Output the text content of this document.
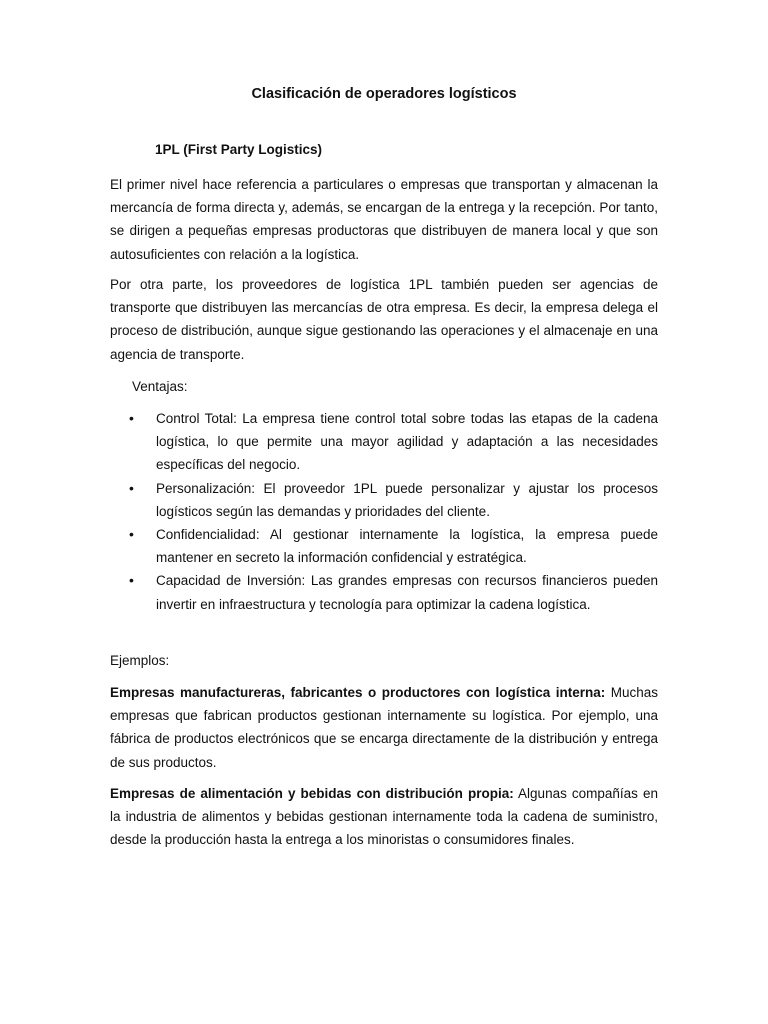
Clasificación de operadores logísticos
1PL (First Party Logistics)

El primer nivel hace referencia a particulares o empresas que transportan y almacenan la mercancía de forma directa y, además, se encargan de la entrega y la recepción. Por tanto, se dirigen a pequeñas empresas productoras que distribuyen de manera local y que son autosuficientes con relación a la logística.

Por otra parte, los proveedores de logística 1PL también pueden ser agencias de transporte que distribuyen las mercancías de otra empresa. Es decir, la empresa delega el proceso de distribución, aunque sigue gestionando las operaciones y el almacenaje en una agencia de transporte.

Ventajas:

• Control Total: La empresa tiene control total sobre todas las etapas de la cadena logística, lo que permite una mayor agilidad y adaptación a las necesidades específicas del negocio.
• Personalización: El proveedor 1PL puede personalizar y ajustar los procesos logísticos según las demandas y prioridades del cliente.
• Confidencialidad: Al gestionar internamente la logística, la empresa puede mantener en secreto la información confidencial y estratégica.
• Capacidad de Inversión: Las grandes empresas con recursos financieros pueden invertir en infraestructura y tecnología para optimizar la cadena logística.

Ejemplos:

Empresas manufactureras, fabricantes o productores con logística interna: Muchas empresas que fabrican productos gestionan internamente su logística. Por ejemplo, una fábrica de productos electrónicos que se encarga directamente de la distribución y entrega de sus productos.

Empresas de alimentación y bebidas con distribución propia: Algunas compañías en la industria de alimentos y bebidas gestionan internamente toda la cadena de suministro, desde la producción hasta la entrega a los minoristas o consumidores finales.
